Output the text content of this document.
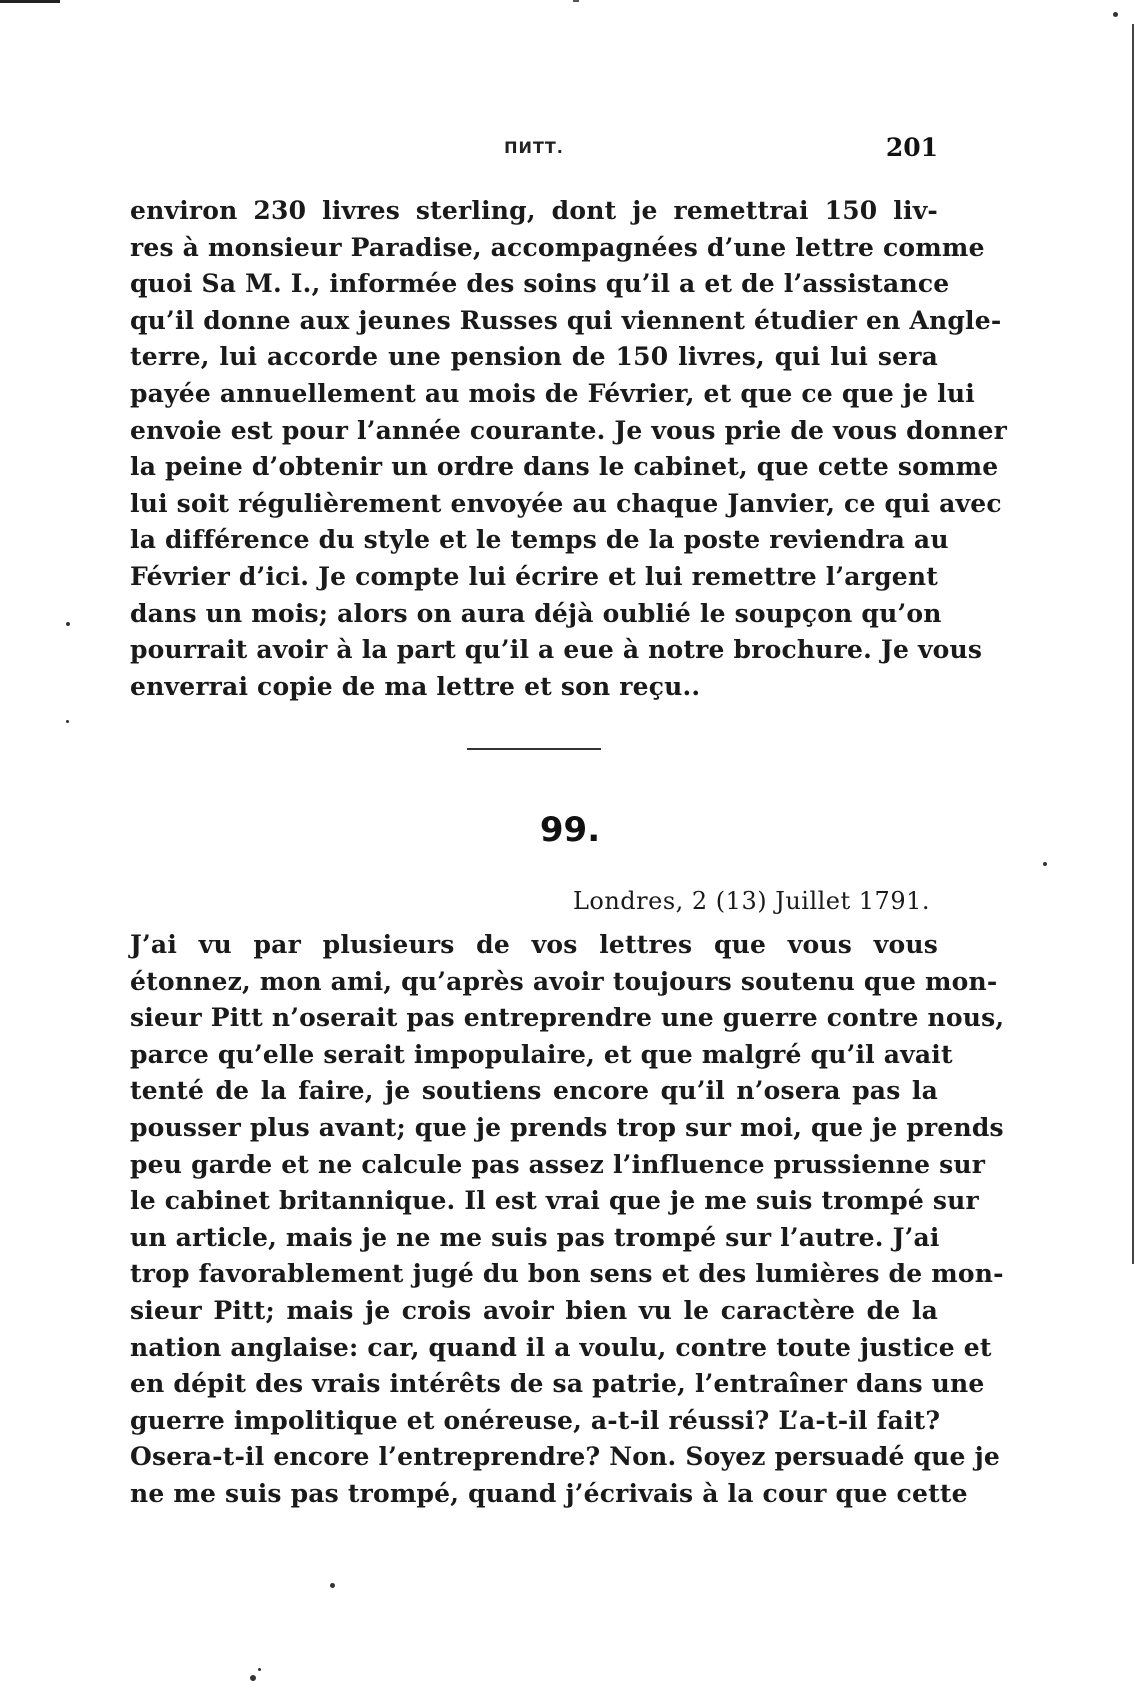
ПИТТ.	201
environ 230 livres sterling, dont je remettrai 150 liv-
res à monsieur Paradise, accompagnées d’une lettre comme
quoi Sa M. I., informée des soins qu’il a et de l’assistance
qu’il donne aux jeunes Russes qui viennent étudier en Angle-
terre, lui accorde une pension de 150 livres, qui lui sera
payée annuellement au mois de Février, et que ce que je lui
envoie est pour l’année courante. Je vous prie de vous donner
la peine d’obtenir un ordre dans le cabinet, que cette somme
lui soit régulièrement envoyée au chaque Janvier, ce qui avec
la différence du style et le temps de la poste reviendra au
Février d’ici. Je compte lui écrire et lui remettre l’argent
dans un mois; alors on aura déjà oublié le soupçon qu’on
pourrait avoir à la part qu’il a eue à notre brochure. Je vous
enverrai copie de ma lettre et son reçu..
99.
Londres, 2 (13) Juillet 1791.
J’ai vu par plusieurs de vos lettres que vous vous
étonnez, mon ami, qu’après avoir toujours soutenu que mon-
sieur Pitt n’oserait pas entreprendre une guerre contre nous,
parce qu’elle serait impopulaire, et que malgré qu’il avait
tenté de la faire, je soutiens encore qu’il n’osera pas la
pousser plus avant; que je prends trop sur moi, que je prends
peu garde et ne calcule pas assez l’influence prussienne sur
le cabinet britannique. Il est vrai que je me suis trompé sur
un article, mais je ne me suis pas trompé sur l’autre. J’ai
trop favorablement jugé du bon sens et des lumières de mon-
sieur Pitt; mais je crois avoir bien vu le caractère de la
nation anglaise: car, quand il a voulu, contre toute justice et
en dépit des vrais intérêts de sa patrie, l’entraîner dans une
guerre impolitique et onéreuse, a-t-il réussi? L’a-t-il fait?
Osera-t-il encore l’entreprendre? Non. Soyez persuadé que je
ne me suis pas trompé, quand j’écrivais à la cour que cette
